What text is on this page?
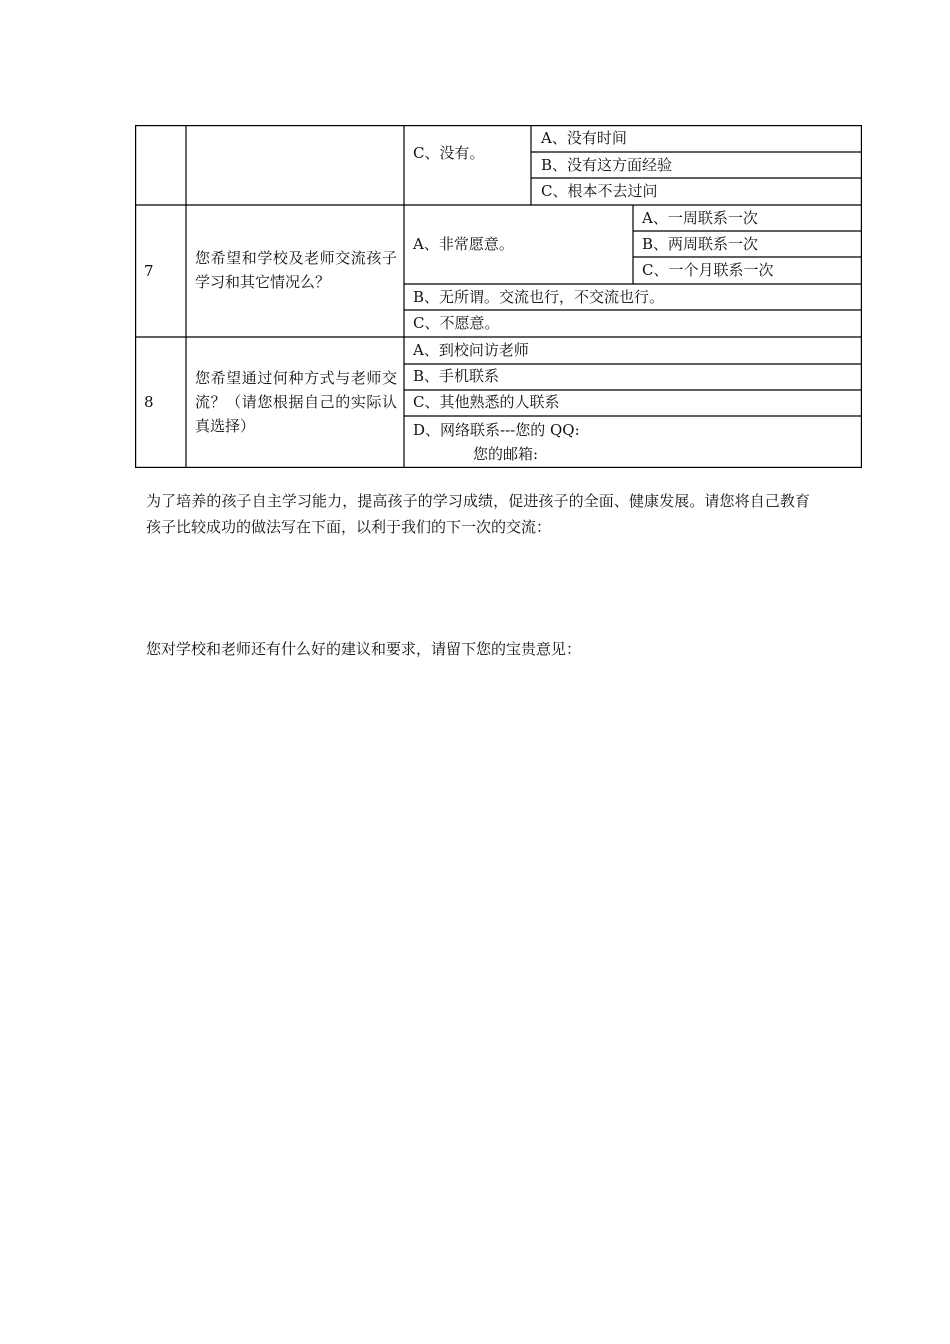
C、没有。
A、没有时间
B、没有这方面经验
C、根本不去过问
7
您希望和学校及老师交流孩子学习和其它情况么？
A、非常愿意。
A、一周联系一次
B、两周联系一次
C、一个月联系一次
B、无所谓。交流也行，不交流也行。
C、不愿意。
8
您希望通过何种方式与老师交流？（请您根据自己的实际认真选择）
A、到校问访老师
B、手机联系
C、其他熟悉的人联系
D、网络联系---您的 QQ:
您的邮箱:
为了培养的孩子自主学习能力，提高孩子的学习成绩，促进孩子的全面、健康发展。请您将自己教育孩子比较成功的做法写在下面，以利于我们的下一次的交流：
您对学校和老师还有什么好的建议和要求，请留下您的宝贵意见：
